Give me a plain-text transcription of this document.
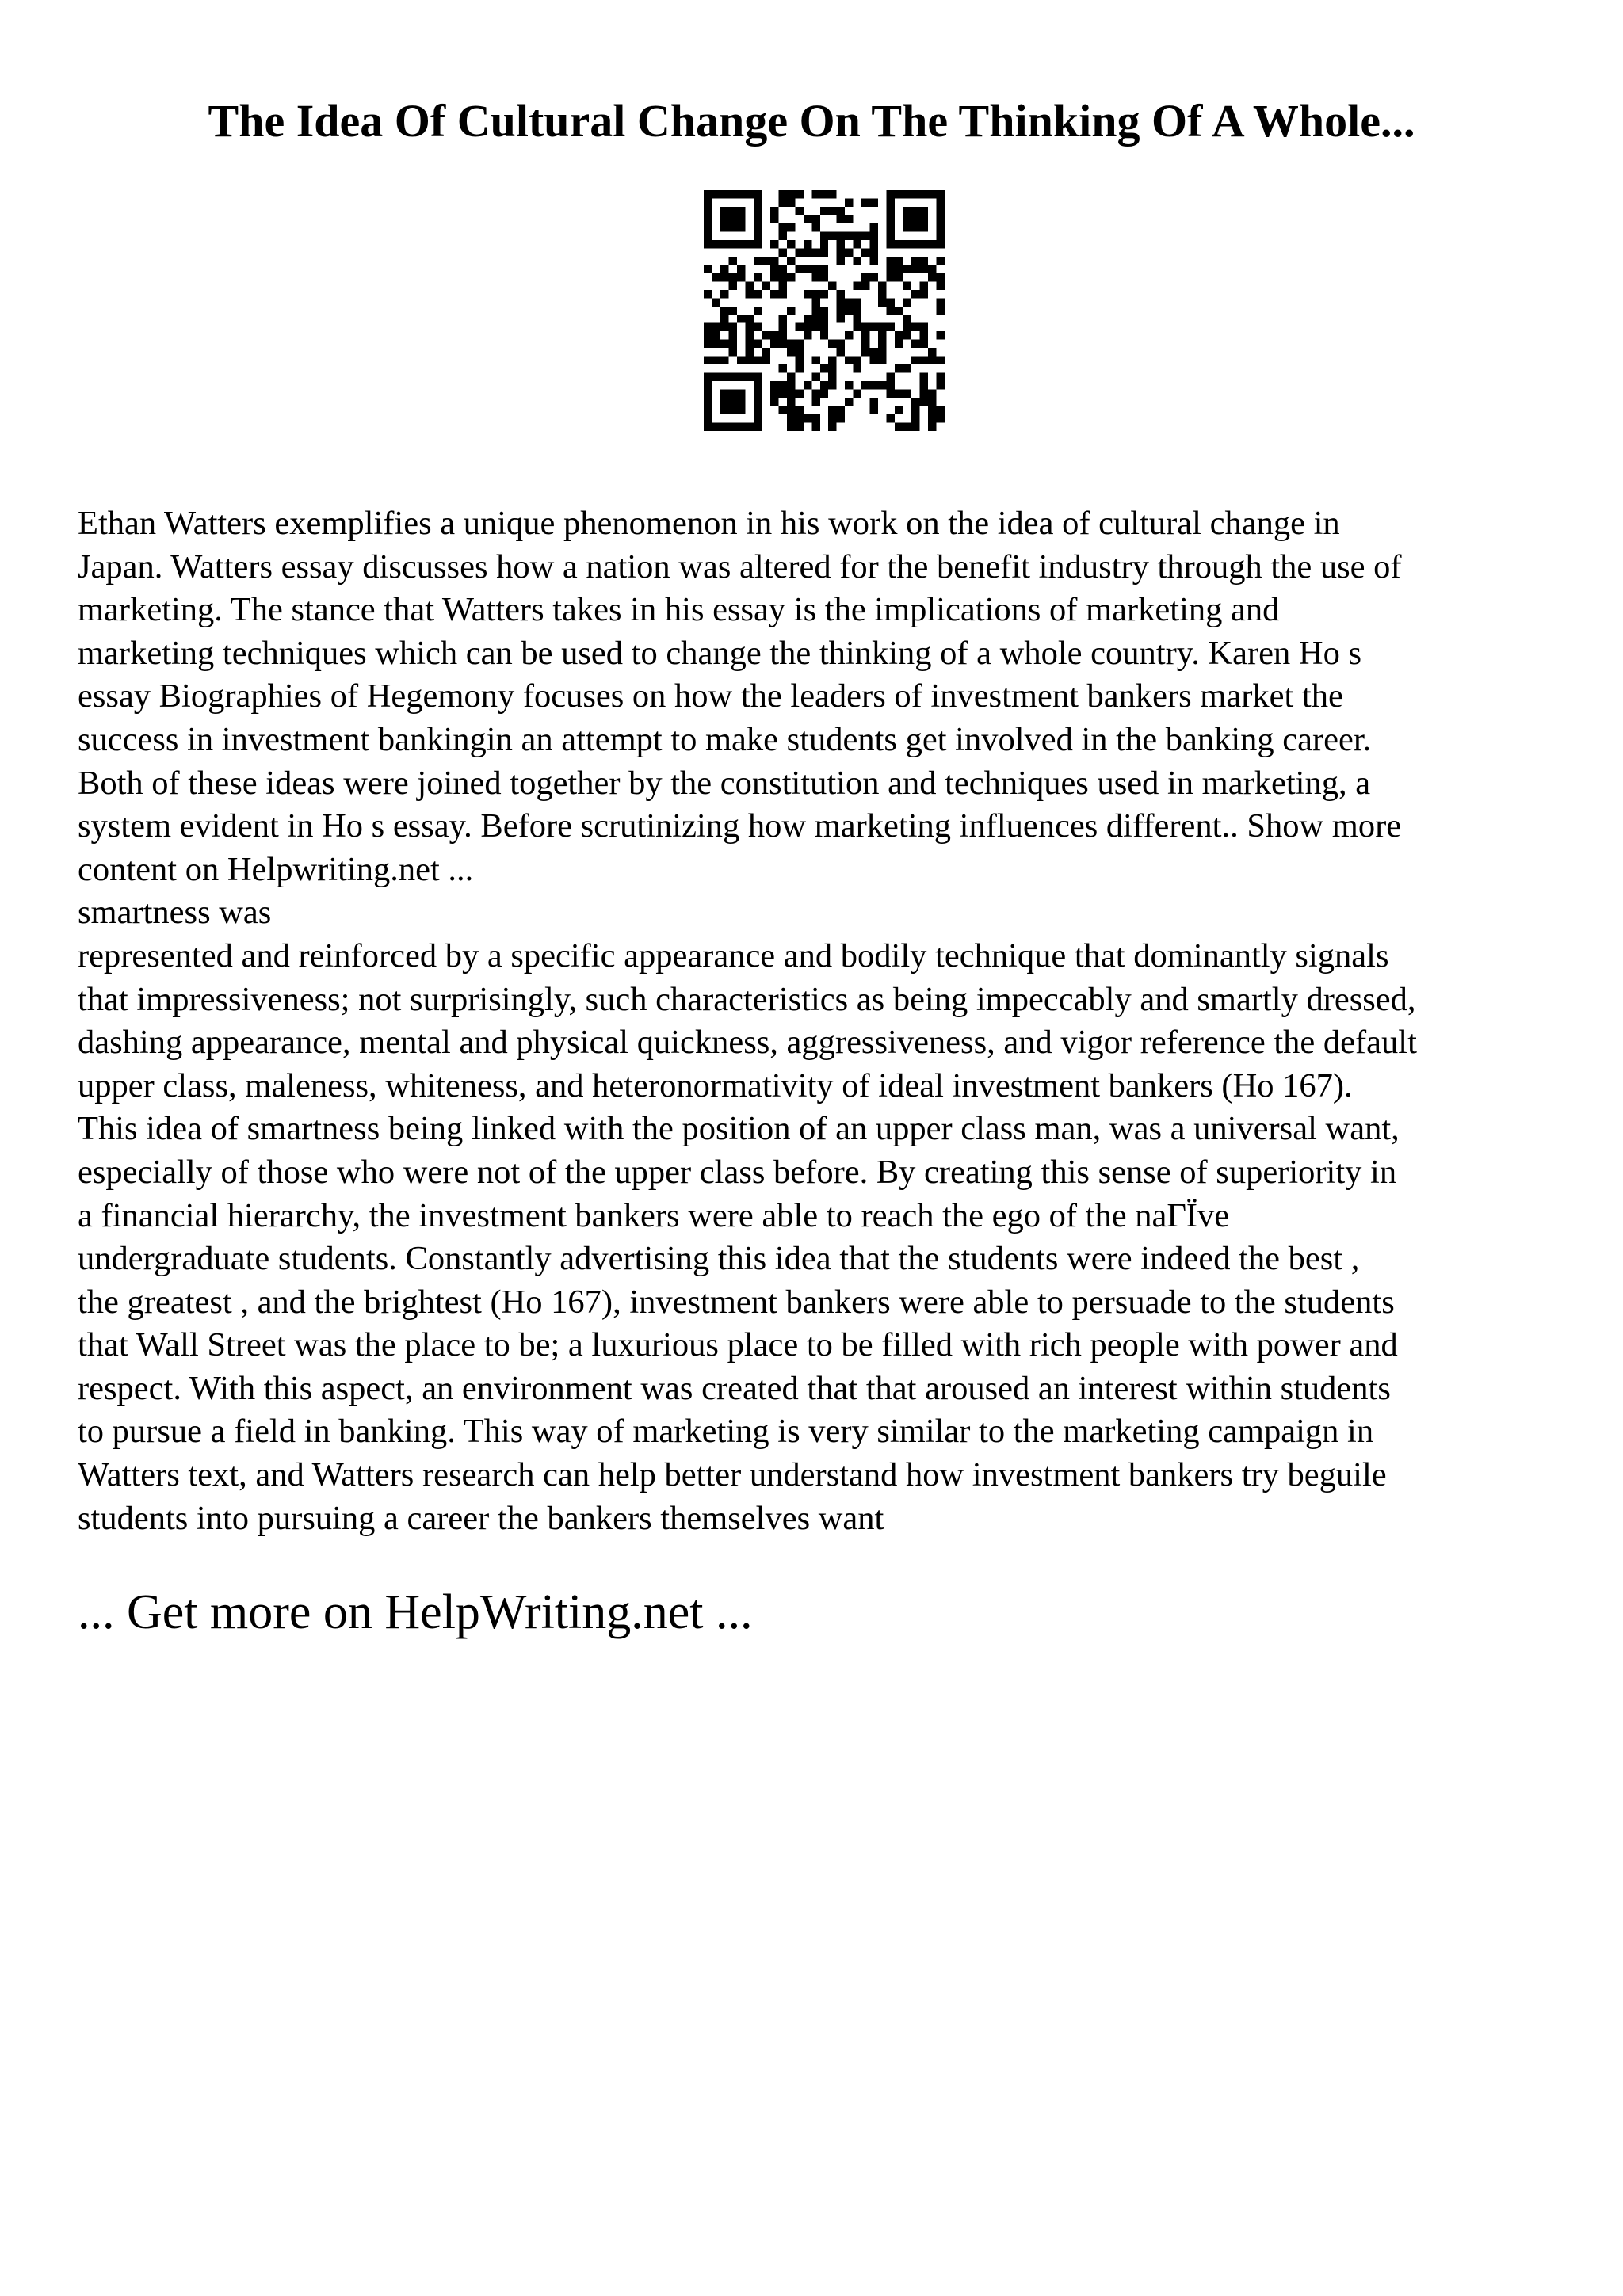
The Idea Of Cultural Change On The Thinking Of A Whole...
Ethan Watters exemplifies a unique phenomenon in his work on the idea of cultural change in
Japan. Watters essay discusses how a nation was altered for the benefit industry through the use of
marketing. The stance that Watters takes in his essay is the implications of marketing and
marketing techniques which can be used to change the thinking of a whole country. Karen Ho s
essay Biographies of Hegemony focuses on how the leaders of investment bankers market the
success in investment bankingin an attempt to make students get involved in the banking career.
Both of these ideas were joined together by the constitution and techniques used in marketing, a
system evident in Ho s essay. Before scrutinizing how marketing influences different.. Show more
content on Helpwriting.net ...
smartness was
represented and reinforced by a specific appearance and bodily technique that dominantly signals
that impressiveness; not surprisingly, such characteristics as being impeccably and smartly dressed,
dashing appearance, mental and physical quickness, aggressiveness, and vigor reference the default
upper class, maleness, whiteness, and heteronormativity of ideal investment bankers (Ho 167).
This idea of smartness being linked with the position of an upper class man, was a universal want,
especially of those who were not of the upper class before. By creating this sense of superiority in
a financial hierarchy, the investment bankers were able to reach the ego of the naГЇve
undergraduate students. Constantly advertising this idea that the students were indeed the best ,
the greatest , and the brightest (Ho 167), investment bankers were able to persuade to the students
that Wall Street was the place to be; a luxurious place to be filled with rich people with power and
respect. With this aspect, an environment was created that that aroused an interest within students
to pursue a field in banking. This way of marketing is very similar to the marketing campaign in
Watters text, and Watters research can help better understand how investment bankers try beguile
students into pursuing a career the bankers themselves want

... Get more on HelpWriting.net ...
